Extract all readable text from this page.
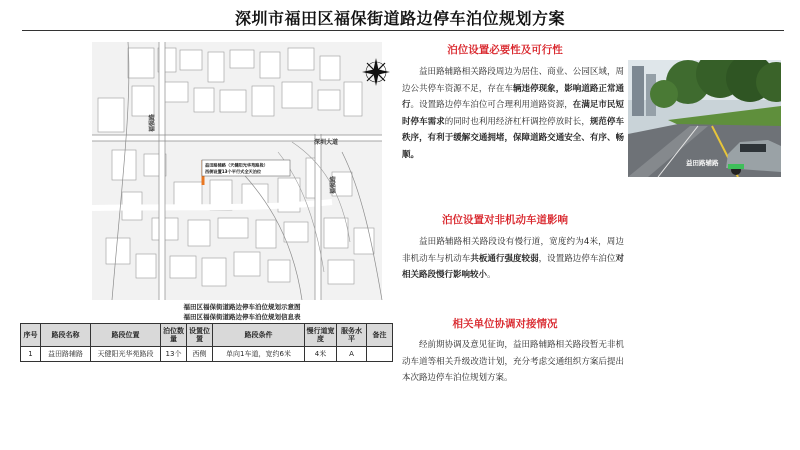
深圳市福田区福保街道路边停车泊位规划方案
益田路辅路（天健阳光华苑路段）
西侧设置13个平行式全天泊位
福强路
深圳大道
福强路
福田区福保街道路边停车泊位规划示意图
福田区福保街道路边停车泊位规划信息表
序号	路段名称	路段位置	泊位数量	设置位置	路段条件	慢行道宽度	服务水平	备注
1	益田路辅路	天健阳光华苑路段	13个	西侧	单向1车道，宽约6米	4米	A	
泊位设置必要性及可行性
益田路辅路相关路段周边为居住、商业、公园区域，周边公共停车资源不足，存在车辆违停现象，影响道路正常通行。设置路边停车泊位可合理利用道路资源，在满足市民短时停车需求的同时也利用经济杠杆调控停放时长，规范停车秩序，有利于缓解交通拥堵，保障道路交通安全、有序、畅顺。
益田路辅路
泊位设置对非机动车道影响
益田路辅路相关路段设有慢行道，宽度约为4米，周边非机动车与机动车共板通行强度较弱，设置路边停车泊位对相关路段慢行影响较小。
相关单位协调对接情况
经前期协调及意见征询，益田路辅路相关路段暂无非机动车道等相关升级改造计划，充分考虑交通组织方案后提出本次路边停车泊位规划方案。
